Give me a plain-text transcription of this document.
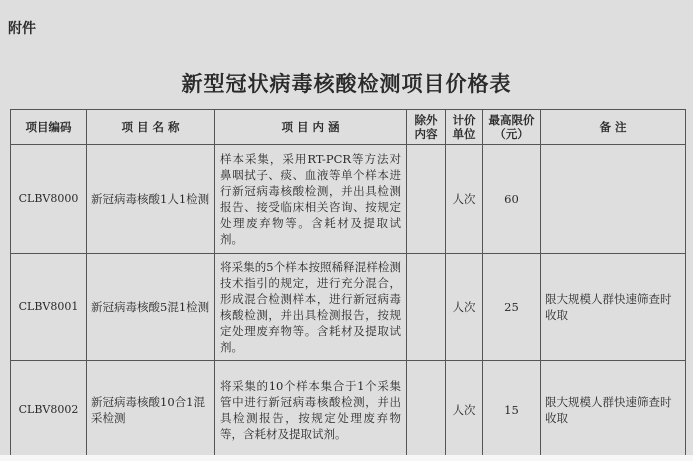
附件
新型冠状病毒核酸检测项目价格表
项目编码	项 目 名 称	项 目 内 涵	除外内容	计价单位	最高限价（元）	备 注
CLBV8000	新冠病毒核酸1人1检测	样本采集，采用RT-PCR等方法对鼻咽拭子、痰、血液等单个样本进行新冠病毒核酸检测，并出具检测报告、接受临床相关咨询、按规定处理废弃物等。含耗材及提取试剂。		人次	60	
CLBV8001	新冠病毒核酸5混1检测	将采集的5个样本按照稀释混样检测技术指引的规定，进行充分混合，形成混合检测样本，进行新冠病毒核酸检测，并出具检测报告，按规定处理废弃物等。含耗材及提取试剂。		人次	25	限大规模人群快速筛查时收取
CLBV8002	新冠病毒核酸10合1混采检测	将采集的10个样本集合于1个采集管中进行新冠病毒核酸检测，并出具检测报告，按规定处理废弃物等，含耗材及提取试剂。		人次	15	限大规模人群快速筛查时收取
